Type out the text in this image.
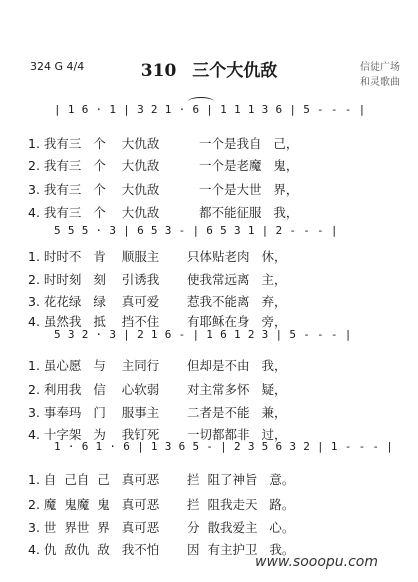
324 G 4/4	310 三个大仇敌	信徒广场
和灵歌曲
| 1 6 · 1 | 3 2 1 · 6 | 1 1 1 3 6 | 5 - - - |
1. 我有三   个    大仇敌          一个是我自   己，
2. 我有三   个    大仇敌          一个是老魔   鬼，
3. 我有三   个    大仇敌          一个是大世   界，
4. 我有三   个    大仇敌          都不能征服   我，
5 5 5 · 3 | 6 5 3 - | 6 5 3 1 | 2 - - - |
1. 时时不   肯    顺服主       只体贴老肉   休，
2. 时时刻   刻    引诱我       使我常远离   主，
3. 花花绿   绿    真可爱       惹我不能离   弃，
4. 虽然我   抵    挡不住       有耶稣在身   旁，
5 3 2 · 3 | 2 1 6 - | 1 6 1 2 3 | 5 - - - |
1. 虽心愿   与    主同行       但却是不由   我，
2. 利用我   信    心软弱       对主常多怀   疑，
3. 事奉玛   门    服事主       二者是不能   兼，
4. 十字架   为    我钉死       一切都都非   过，
1 · 6 1 · 6 | 1 3 6 5 - | 2 3 5 6 3 2 | 1 - - - |
1. 自  己自  己   真可恶       拦  阻了神旨   意。
2. 魔  鬼魔  鬼   真可恶       拦  阻我走天   路。
3. 世  界世  界   真可恶       分  散我爱主   心。
4. 仇  敌仇  敌   我不怕       因  有主护卫   我。
www.sooopu.com
